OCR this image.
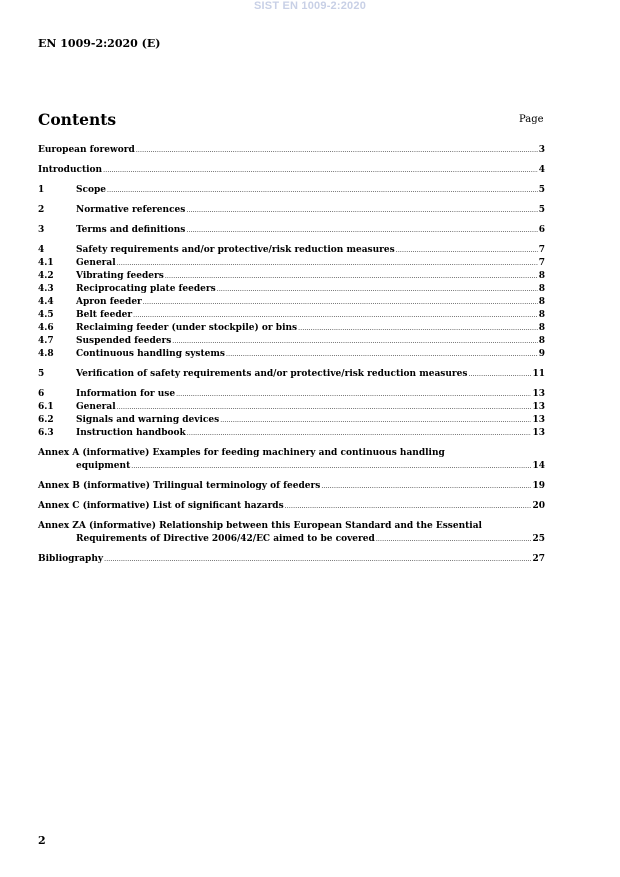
SIST EN 1009-2:2020
EN 1009-2:2020 (E)
Contents	Page
European foreword .....	3
Introduction .....	4
1	Scope .....	5
2	Normative references .....	5
3	Terms and definitions .....	6
4	Safety requirements and/or protective/risk reduction measures .....	7
4.1	General .....	7
4.2	Vibrating feeders .....	8
4.3	Reciprocating plate feeders .....	8
4.4	Apron feeder .....	8
4.5	Belt feeder .....	8
4.6	Reclaiming feeder (under stockpile) or bins .....	8
4.7	Suspended feeders .....	8
4.8	Continuous handling systems .....	9
5	Verification of safety requirements and/or protective/risk reduction measures .....	11
6	Information for use .....	13
6.1	General .....	13
6.2	Signals and warning devices .....	13
6.3	Instruction handbook .....	13
Annex A (informative) Examples for feeding machinery and continuous handling
equipment .....	14
Annex B (informative) Trilingual terminology of feeders .....	19
Annex C (informative) List of significant hazards .....	20
Annex ZA (informative) Relationship between this European Standard and the Essential
Requirements of Directive 2006/42/EC aimed to be covered .....	25
Bibliography .....	27
2
